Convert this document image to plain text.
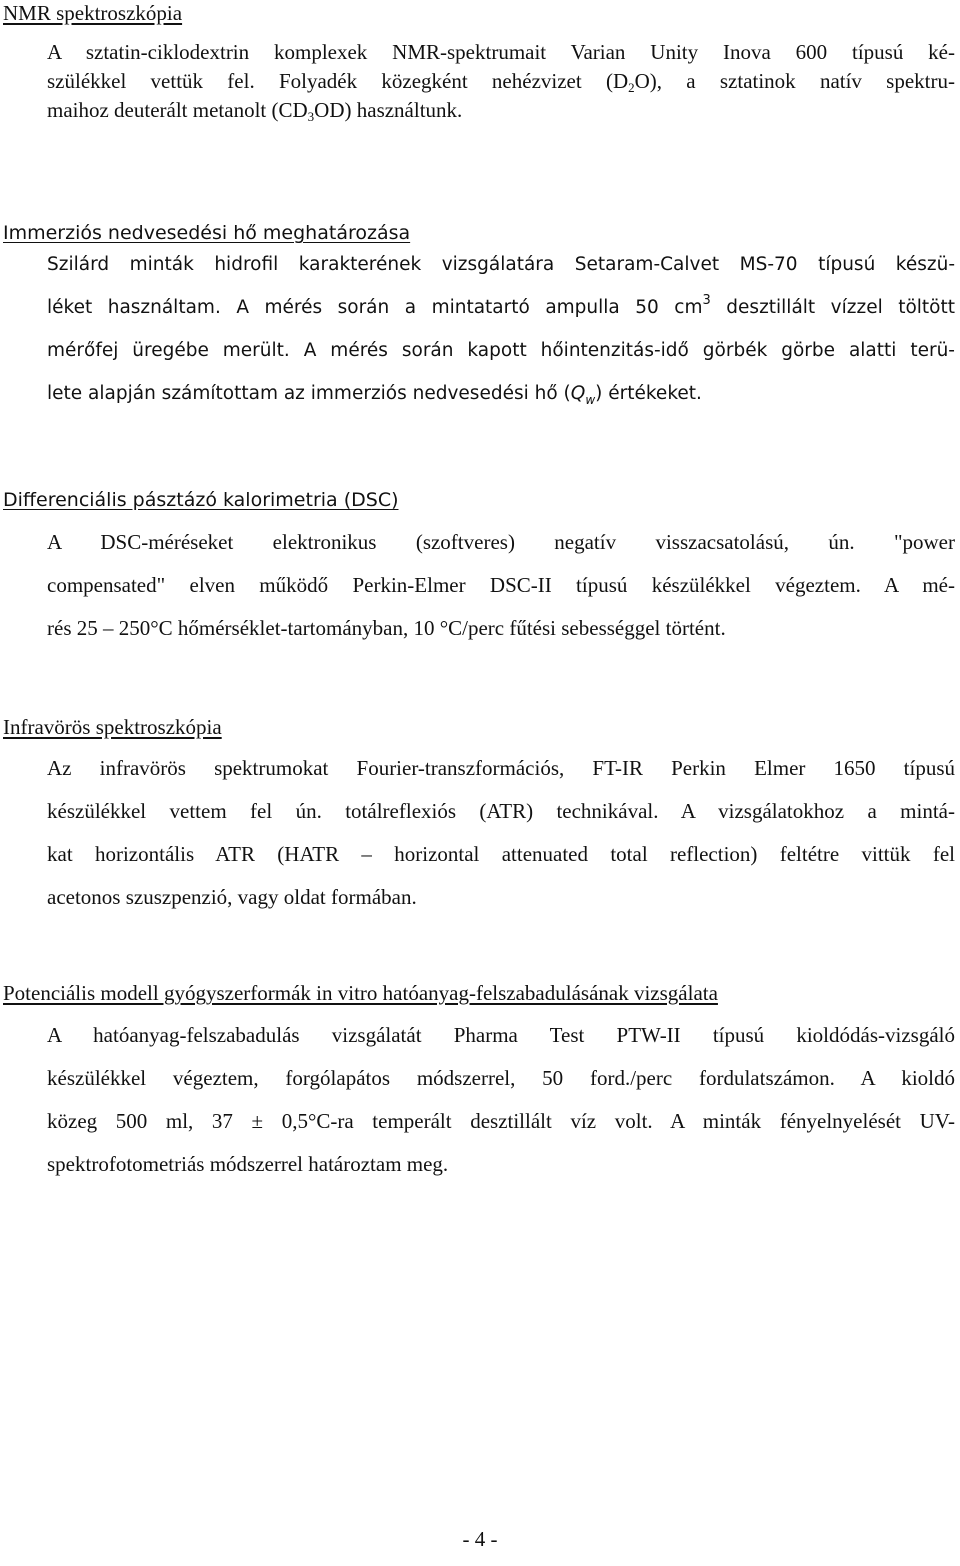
NMR spektroszkópia
A sztatin-ciklodextrin komplexek NMR-spektrumait Varian Unity Inova 600 típusú ké-
szülékkel vettük fel. Folyadék közegként nehézvizet $(D_2O)$, a sztatinok natív spektru-
maihoz deuterált metanolt $(CD_3OD)$ használtunk.
Immerziós nedvesedési hő meghatározása
Szilárd minták hidrofil karakterének vizsgálatára Setaram-Calvet MS-70 típusú készü-
léket használtam. A mérés során a mintatartó ampulla 50 $cm^3$ desztillált vízzel töltött
mérőfej üregébe merült. A mérés során kapott hőintenzitás-idő görbék görbe alatti terü-
lete alapján számítottam az immerziós nedvesedési hő $(Q_w)$ értékeket.
Differenciális pásztázó kalorimetria (DSC)
A DSC-méréseket elektronikus (szoftveres) negatív visszacsatolású, ún. "power
compensated" elven működő Perkin-Elmer DSC-II típusú készülékkel végeztem. A mé-
rés 25 – 250°C hőmérséklet-tartományban, 10 °C/perc fűtési sebességgel történt.
Infravörös spektroszkópia
Az infravörös spektrumokat Fourier-transzformációs, FT-IR Perkin Elmer 1650 típusú
készülékkel vettem fel ún. totálreflexiós (ATR) technikával. A vizsgálatokhoz a mintá-
kat horizontális ATR (HATR – horizontal attenuated total reflection) feltétre vittük fel
acetonos szuszpenzió, vagy oldat formában.
Potenciális modell gyógyszerformák in vitro hatóanyag-felszabadulásának vizsgálata
A hatóanyag-felszabadulás vizsgálatát Pharma Test PTW-II típusú kioldódás-vizsgáló
készülékkel végeztem, forgólapátos módszerrel, 50 ford./perc fordulatszámon. A kioldó
közeg 500 ml, 37 ± 0,5°C-ra temperált desztillált víz volt. A minták fényelnyelését UV-
spektrofotometriás módszerrel határoztam meg.
- 4 -
